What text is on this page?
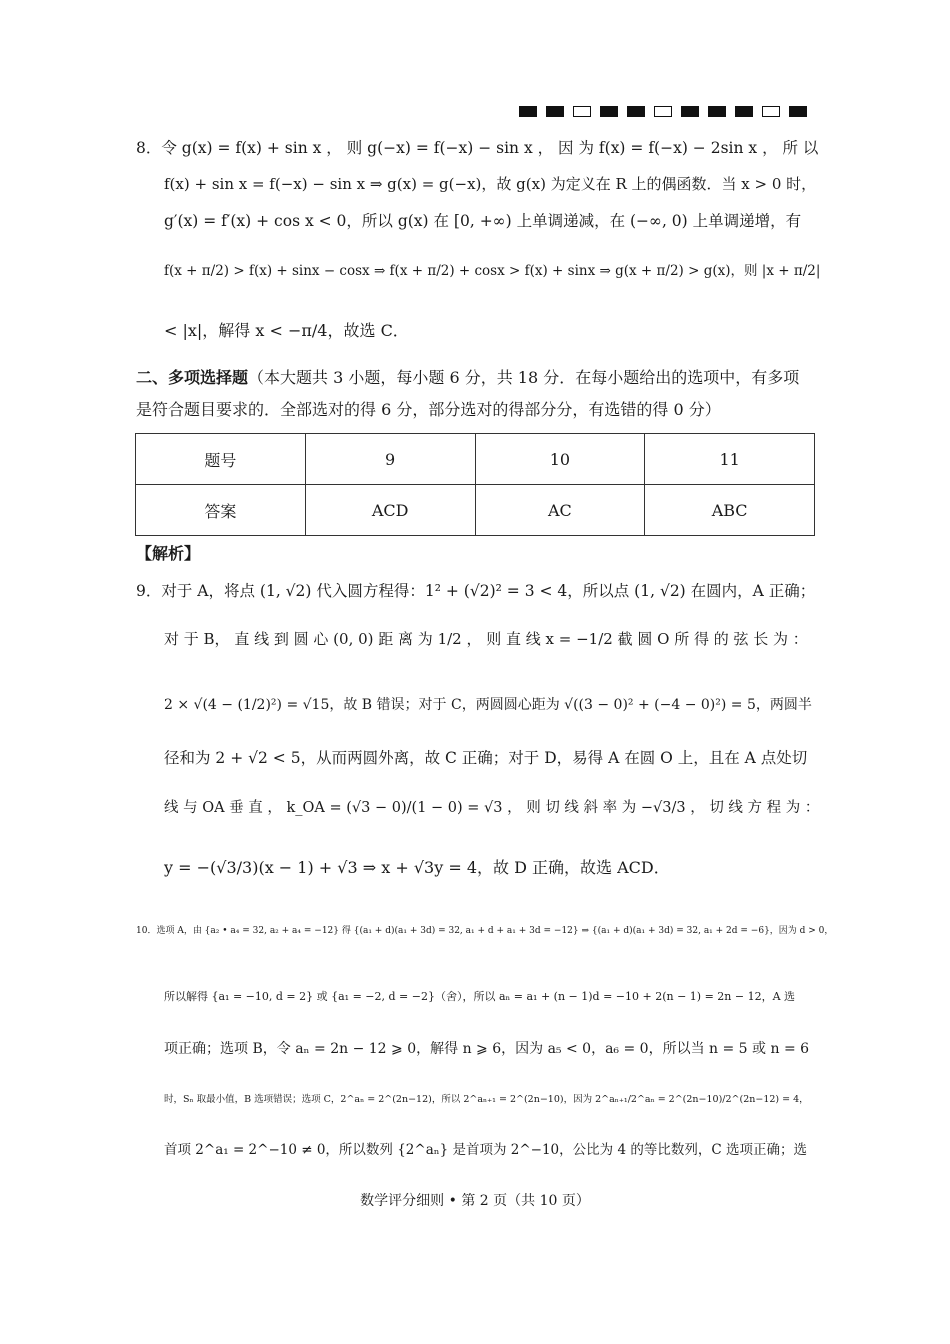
8．令 g(x) = f(x) + sin x ， 则 g(−x) = f(−x) − sin x ， 因 为 f(x) = f(−x) − 2sin x ， 所 以
f(x) + sin x = f(−x) − sin x ⇒ g(x) = g(−x)，故 g(x) 为定义在 R 上的偶函数．当 x > 0 时，
g′(x) = f′(x) + cos x < 0，所以 g(x) 在 [0, +∞) 上单调递减，在 (−∞, 0) 上单调递增，有
f(x + π/2) > f(x) + sinx − cosx ⇒ f(x + π/2) + cosx > f(x) + sinx ⇒ g(x + π/2) > g(x)，则 |x + π/2|
< |x|，解得 x < −π/4，故选 C．
二、多项选择题（本大题共 3 小题，每小题 6 分，共 18 分．在每小题给出的选项中，有多项
是符合题目要求的．全部选对的得 6 分，部分选对的得部分分，有选错的得 0 分）
题号	9	10	11
答案	ACD	AC	ABC
【解析】
9．对于 A，将点 (1, √2) 代入圆方程得：1² + (√2)² = 3 < 4，所以点 (1, √2) 在圆内，A 正确；
对 于 B， 直 线 到 圆 心 (0, 0) 距 离 为 1/2 ， 则 直 线 x = −1/2 截 圆 O 所 得 的 弦 长 为 ：
2 × √(4 − (1/2)²) = √15，故 B 错误；对于 C，两圆圆心距为 √((3 − 0)² + (−4 − 0)²) = 5，两圆半
径和为 2 + √2 < 5，从而两圆外离，故 C 正确；对于 D，易得 A 在圆 O 上，且在 A 点处切
线 与 OA 垂 直 ， k_OA = (√3 − 0)/(1 − 0) = √3 ， 则 切 线 斜 率 为 −√3/3 ， 切 线 方 程 为 ：
y = −(√3/3)(x − 1) + √3 ⇒ x + √3y = 4，故 D 正确，故选 ACD．
10．选项 A，由 {a₂ • a₄ = 32, a₂ + a₄ = −12} 得 {(a₁ + d)(a₁ + 3d) = 32, a₁ + d + a₁ + 3d = −12} ⇒ {(a₁ + d)(a₁ + 3d) = 32, a₁ + 2d = −6}，因为 d > 0，
所以解得 {a₁ = −10, d = 2} 或 {a₁ = −2, d = −2}（舍），所以 aₙ = a₁ + (n − 1)d = −10 + 2(n − 1) = 2n − 12，A 选
项正确；选项 B，令 aₙ = 2n − 12 ⩾ 0，解得 n ⩾ 6，因为 a₅ < 0，a₆ = 0，所以当 n = 5 或 n = 6
时，Sₙ 取最小值，B 选项错误；选项 C，2^aₙ = 2^(2n−12)，所以 2^aₙ₊₁ = 2^(2n−10)，因为 2^aₙ₊₁/2^aₙ = 2^(2n−10)/2^(2n−12) = 4，
首项 2^a₁ = 2^−10 ≠ 0，所以数列 {2^aₙ} 是首项为 2^−10，公比为 4 的等比数列，C 选项正确；选
数学评分细则 • 第 2 页（共 10 页）
